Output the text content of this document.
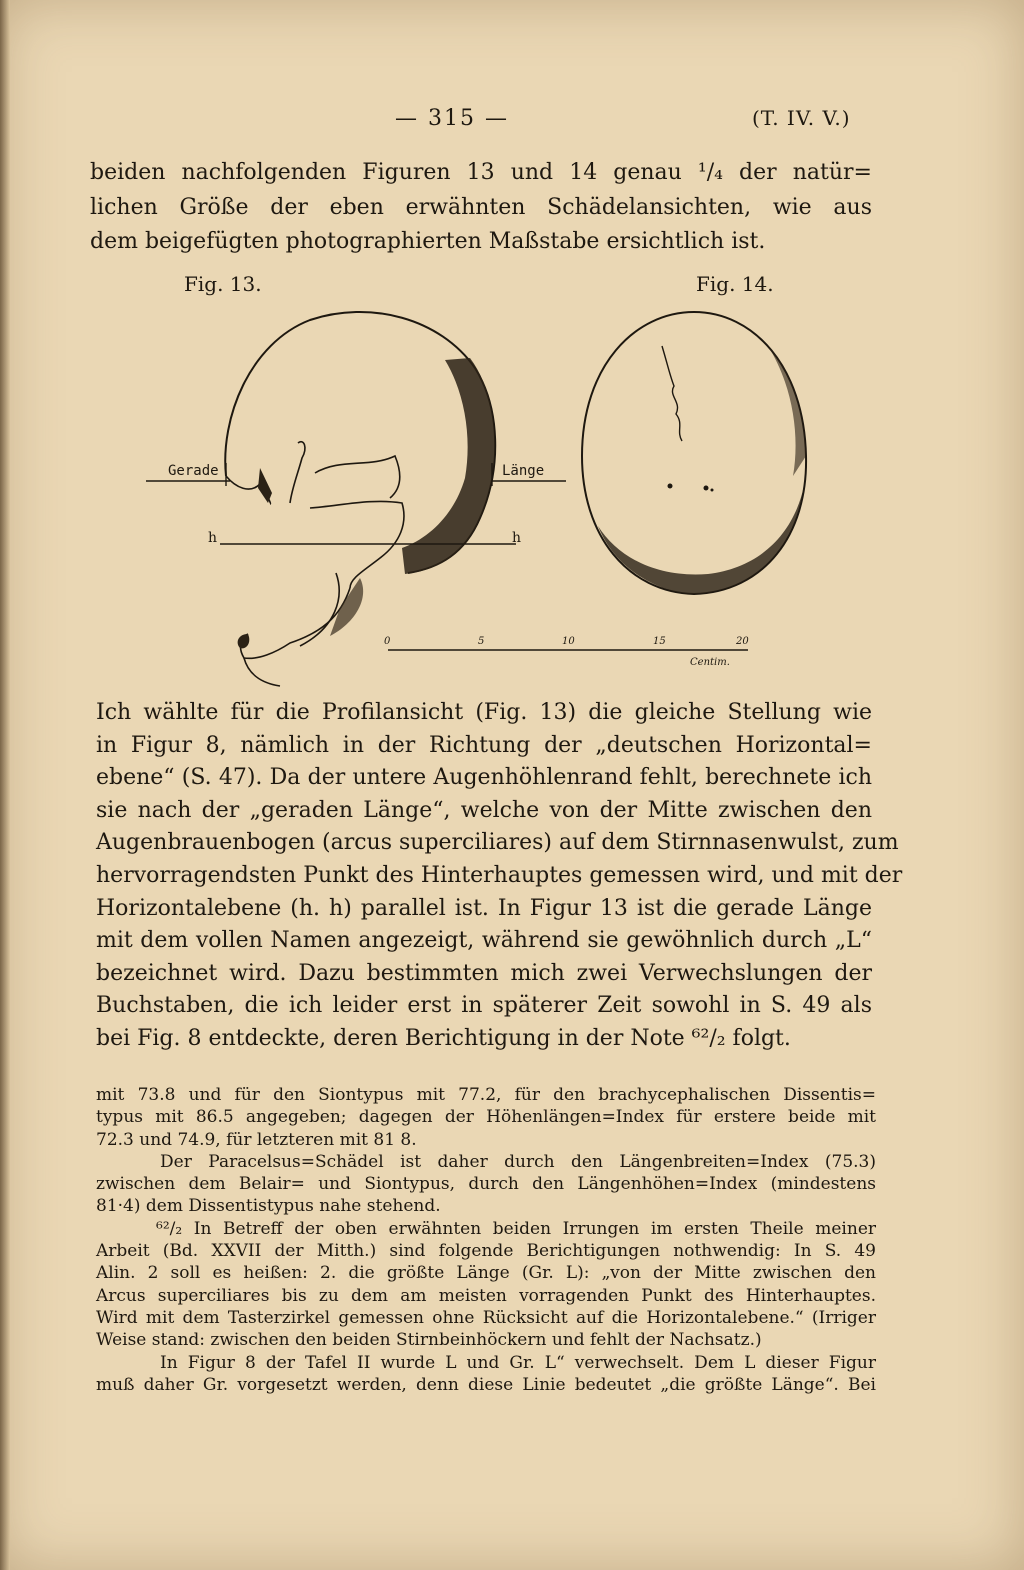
— 315 —	(T. IV. V.)
beiden nachfolgenden Figuren 13 und 14 genau ¹/₄ der natür=
lichen Größe der eben erwähnten Schädelansichten, wie aus
dem beigefügten photographierten Maßstabe ersichtlich ist.
Fig. 13.	Fig. 14.
Gerade	Länge
h	h
0	5	10	15	20
Centim.
Ich wählte für die Profilansicht (Fig. 13) die gleiche Stellung wie
in Figur 8, nämlich in der Richtung der „deutschen Horizontal=
ebene“ (S. 47). Da der untere Augenhöhlenrand fehlt, berechnete ich
sie nach der „geraden Länge“, welche von der Mitte zwischen den
Augenbrauenbogen (arcus superciliares) auf dem Stirnnasenwulst, zum
hervorragendsten Punkt des Hinterhauptes gemessen wird, und mit der
Horizontalebene (h. h) parallel ist. In Figur 13 ist die gerade Länge
mit dem vollen Namen angezeigt, während sie gewöhnlich durch „L“
bezeichnet wird. Dazu bestimmten mich zwei Verwechslungen der
Buchstaben, die ich leider erst in späterer Zeit sowohl in S. 49 als
bei Fig. 8 entdeckte, deren Berichtigung in der Note ⁶²/₂ folgt.
mit 73.8 und für den Siontypus mit 77.2, für den brachycephalischen Dissentis=
typus mit 86.5 angegeben; dagegen der Höhenlängen=Index für erstere beide mit
72.3 und 74.9, für letzteren mit 81 8.
Der Paracelsus=Schädel ist daher durch den Längenbreiten=Index (75.3)
zwischen dem Belair= und Siontypus, durch den Längenhöhen=Index (mindestens
81·4) dem Dissentistypus nahe stehend.
⁶²/₂ In Betreff der oben erwähnten beiden Irrungen im ersten Theile meiner
Arbeit (Bd. XXVII der Mitth.) sind folgende Berichtigungen nothwendig: In S. 49
Alin. 2 soll es heißen: 2. die größte Länge (Gr. L): „von der Mitte zwischen den
Arcus superciliares bis zu dem am meisten vorragenden Punkt des Hinterhauptes.
Wird mit dem Tasterzirkel gemessen ohne Rücksicht auf die Horizontalebene.“ (Irriger
Weise stand: zwischen den beiden Stirnbeinhöckern und fehlt der Nachsatz.)
In Figur 8 der Tafel II wurde L und Gr. L“ verwechselt. Dem L dieser Figur
muß daher Gr. vorgesetzt werden, denn diese Linie bedeutet „die größte Länge“. Bei
